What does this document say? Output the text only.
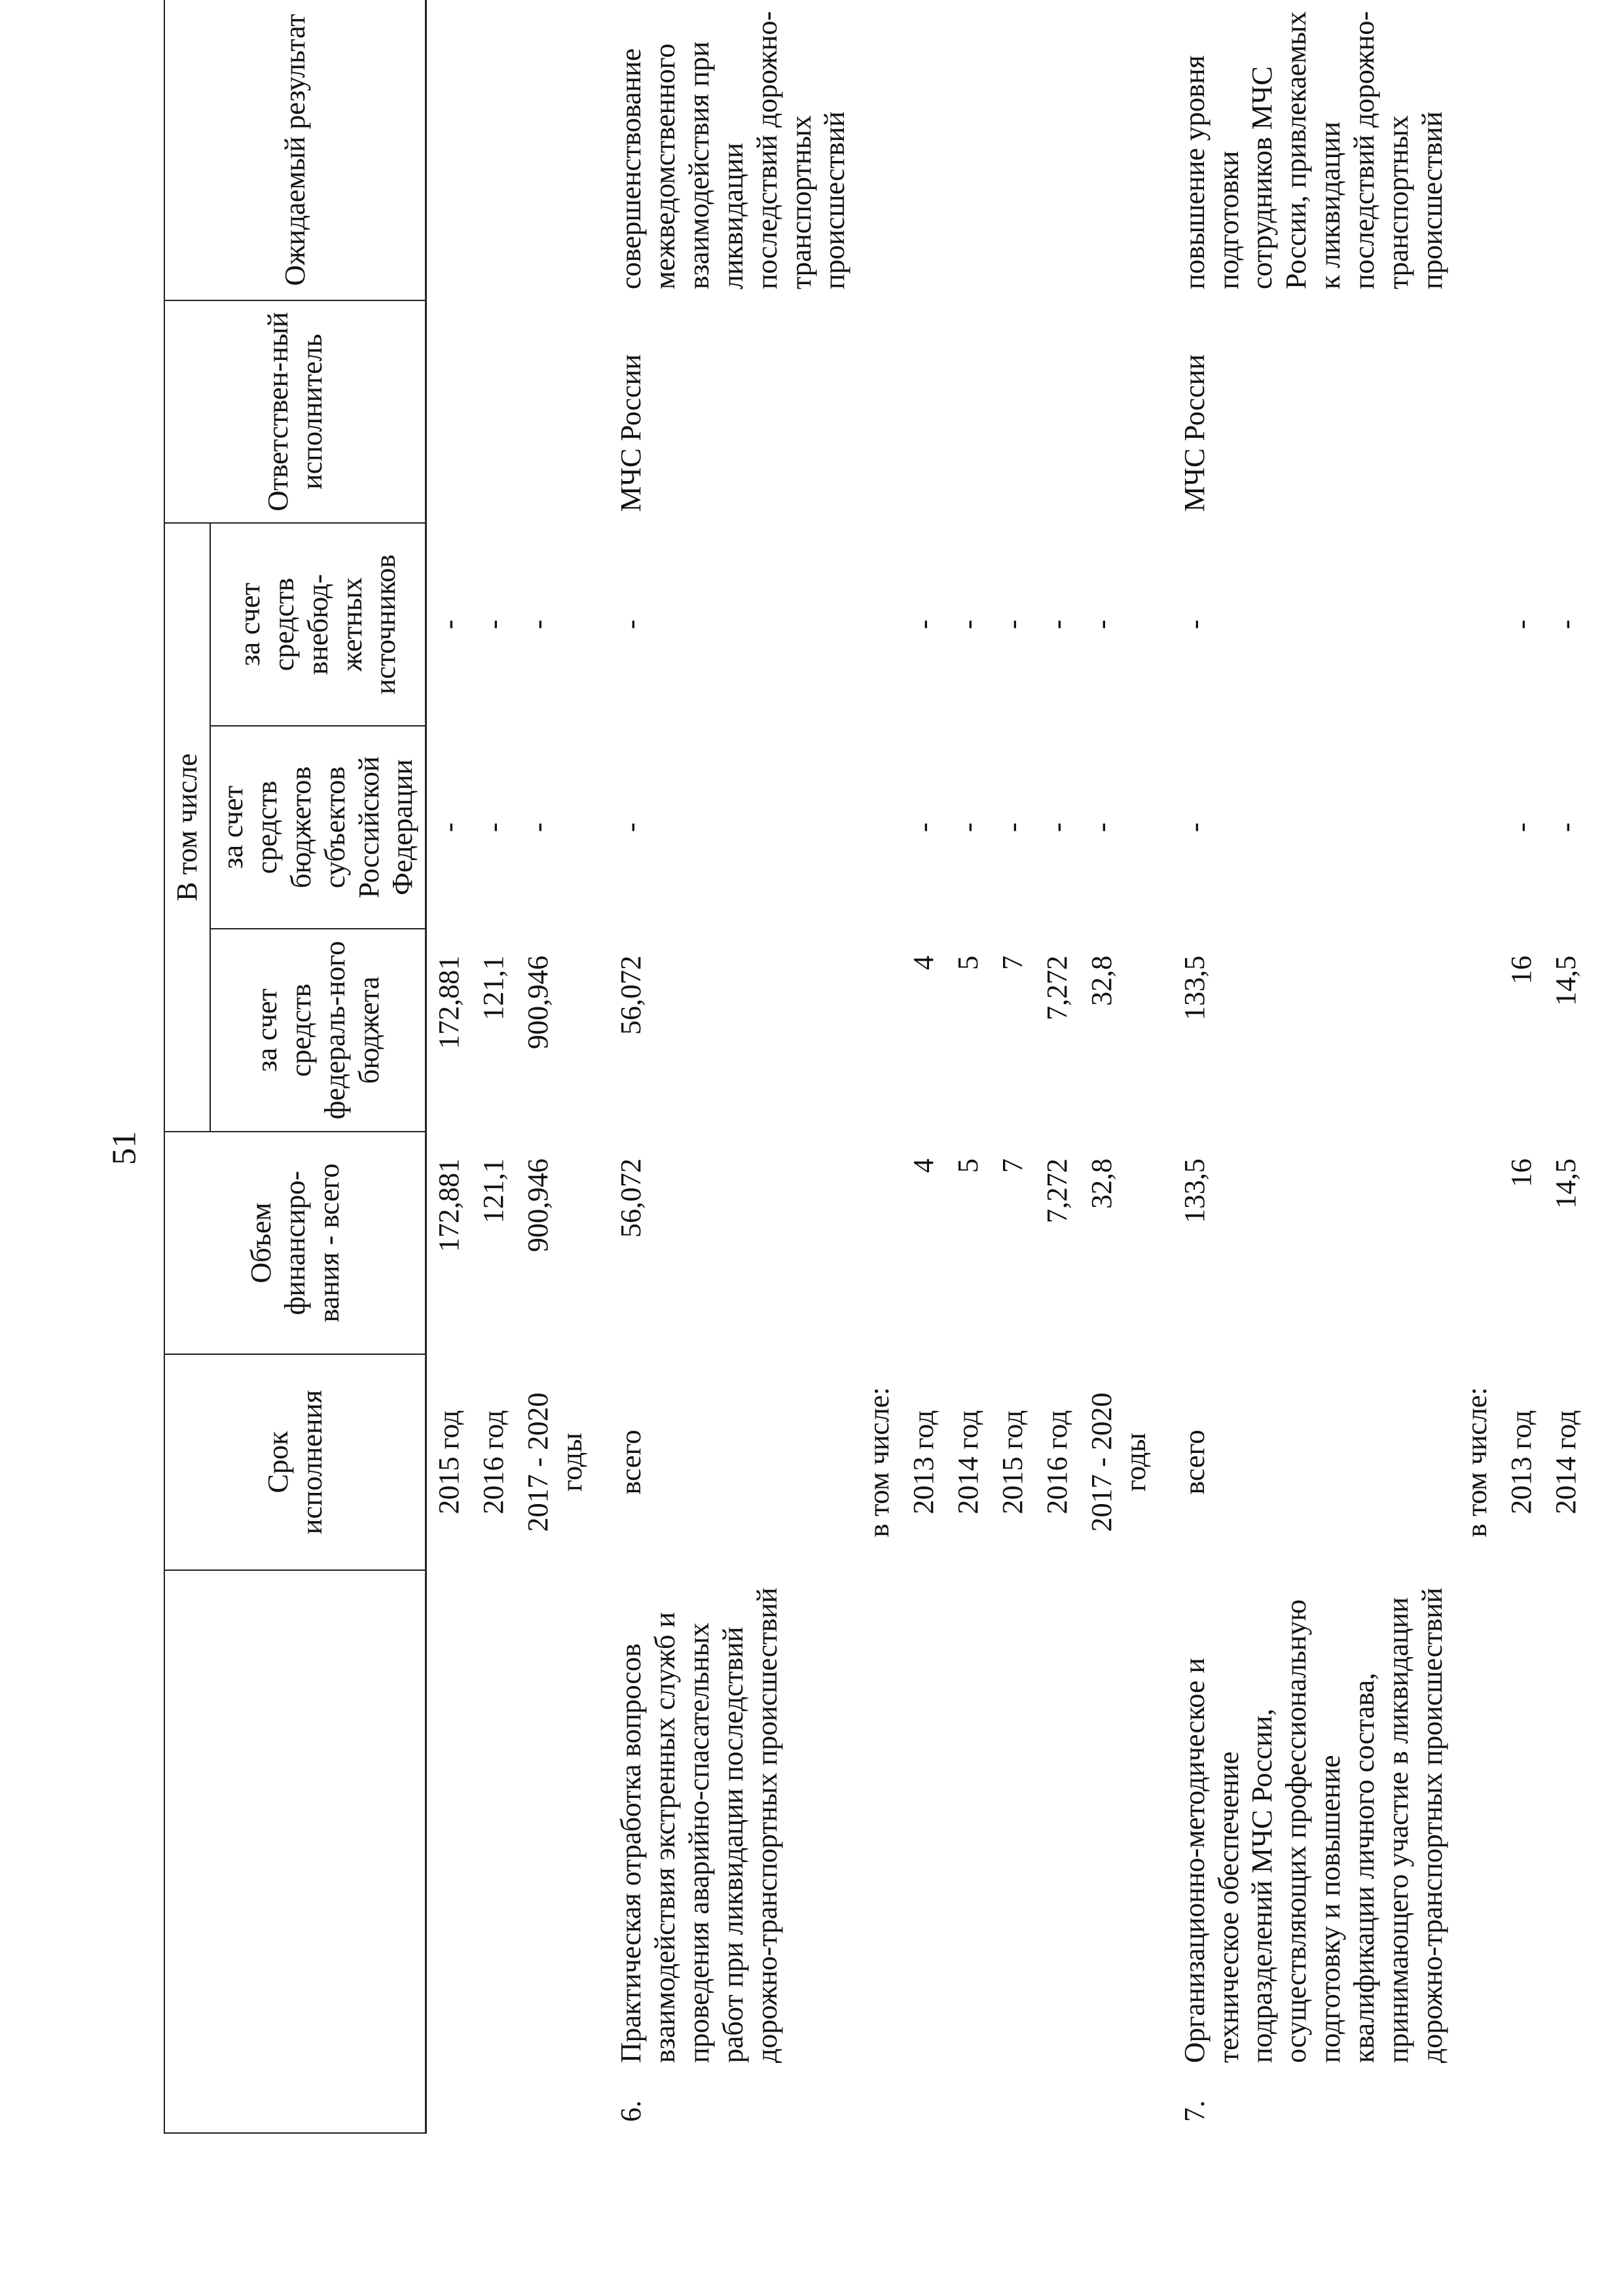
51
		Срок исполнения	Объем финансиро-вания - всего	В том числе			Ответствен-ный исполнитель	Ожидаемый результат
				за счет средств федераль-ного бюджета	за счет средств бюджетов субъектов Российской Федерации	за счет средств внебюд-жетных источников		
		2015 год	172,881	172,881	-	-		
		2016 год	121,1	121,1	-	-		
		2017 - 2020 годы	900,946	900,946	-	-		
6.	Практическая отработка вопросов взаимодействия экстренных служб и проведения аварийно-спасательных работ при ликвидации последствий дорожно-транспортных происшествий	всего	56,072	56,072	-	-	МЧС России	совершенствование межведомственного взаимодействия при ликвидации последствий дорожно-транспортных происшествий
		в том числе:						
		2013 год	4	4	-	-		
		2014 год	5	5	-	-		
		2015 год	7	7	-	-		
		2016 год	7,272	7,272	-	-		
		2017 - 2020 годы	32,8	32,8	-	-		
7.	Организационно-методическое и техническое обеспечение подразделений МЧС России, осуществляющих профессиональную подготовку и повышение квалификации личного состава, принимающего участие в ликвидации дорожно-транспортных происшествий	всего	133,5	133,5	-	-	МЧС России	повышение уровня подготовки сотрудников МЧС России, привлекаемых к ликвидации последствий дорожно-транспортных происшествий
		в том числе:						
		2013 год	16	16	-	-		
		2014 год	14,5	14,5	-	-		
